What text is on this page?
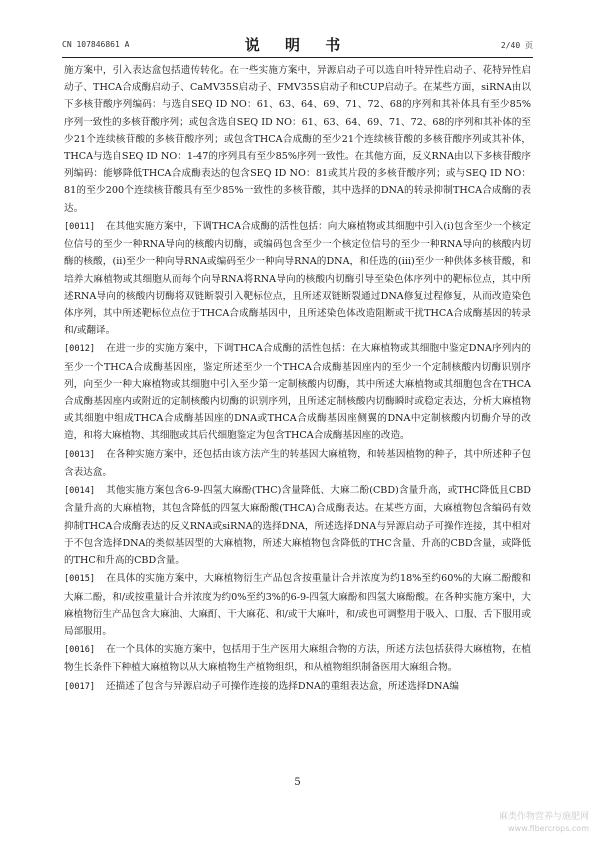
CN 107846861 A	说 明 书	2/40 页

施方案中，引入表达盒包括遗传转化。在一些实施方案中，异源启动子可以选自叶特异性启动子、花特异性启动子、THCA合成酶启动子、CaMV35S启动子、FMV35S启动子和tCUP启动子。在某些方面，siRNA由以下多核苷酸序列编码：与选自SEQ ID NO：61、63、64、69、71、72、68的序列和其补体具有至少85%序列一致性的多核苷酸序列；或包含选自SEQ ID NO：61、63、64、69、71、72、68的序列和其补体的至少21个连续核苷酸的多核苷酸序列；或包含THCA合成酶的至少21个连续核苷酸的多核苷酸序列或其补体，THCA与选自SEQ ID NO：1-47的序列具有至少85%序列一致性。在其他方面，反义RNA由以下多核苷酸序列编码：能够降低THCA合成酶表达的包含SEQ ID NO：81或其片段的多核苷酸序列；或与SEQ ID NO：81的至少200个连续核苷酸具有至少85%一致性的多核苷酸，其中选择的DNA的转录抑制THCA合成酶的表达。

[0011] 在其他实施方案中，下调THCA合成酶的活性包括：向大麻植物或其细胞中引入(i)包含至少一个核定位信号的至少一种RNA导向的核酸内切酶，或编码包含至少一个核定位信号的至少一种RNA导向的核酸内切酶的核酸，(ii)至少一种向导RNA或编码至少一种向导RNA的DNA，和任选的(iii)至少一种供体多核苷酸，和培养大麻植物或其细胞从而每个向导RNA将RNA导向的核酸内切酶引导至染色体序列中的靶标位点，其中所述RNA导向的核酸内切酶将双链断裂引入靶标位点，且所述双链断裂通过DNA修复过程修复，从而改造染色体序列，其中所述靶标位点位于THCA合成酶基因中，且所述染色体改造阻断或干扰THCA合成酶基因的转录和/或翻译。

[0012] 在进一步的实施方案中，下调THCA合成酶的活性包括：在大麻植物或其细胞中鉴定DNA序列内的至少一个THCA合成酶基因座，鉴定所述至少一个THCA合成酶基因座内的至少一个定制核酸内切酶识别序列，向至少一种大麻植物或其细胞中引入至少第一定制核酸内切酶，其中所述大麻植物或其细胞包含在THCA合成酶基因座内或附近的定制核酸内切酶的识别序列，且所述定制核酸内切酶瞬时或稳定表达，分析大麻植物或其细胞中组成THCA合成酶基因座的DNA或THCA合成酶基因座侧翼的DNA中定制核酸内切酶介导的改造，和将大麻植物、其细胞或其后代细胞鉴定为包含THCA合成酶基因座的改造。

[0013] 在各种实施方案中，还包括由该方法产生的转基因大麻植物，和转基因植物的种子，其中所述种子包含表达盒。

[0014] 其他实施方案包含6-9-四氢大麻酚(THC)含量降低、大麻二酚(CBD)含量升高，或THC降低且CBD含量升高的大麻植物，其包含降低的四氢大麻酚酸(THCA)合成酶表达。在某些方面，大麻植物包含编码有效抑制THCA合成酶表达的反义RNA或siRNA的选择DNA，所述选择DNA与异源启动子可操作连接，其中相对于不包含选择DNA的类似基因型的大麻植物，所述大麻植物包含降低的THC含量、升高的CBD含量，或降低的THC和升高的CBD含量。

[0015] 在具体的实施方案中，大麻植物衍生产品包含按重量计合并浓度为约18%至约60%的大麻二酚酸和大麻二酚，和/或按重量计合并浓度为约0%至约3%的6-9-四氢大麻酚和四氢大麻酚酸。在各种实施方案中，大麻植物衍生产品包含大麻油、大麻酊、干大麻花、和/或干大麻叶，和/或也可调整用于吸入、口服、舌下服用或局部服用。

[0016] 在一个具体的实施方案中，包括用于生产医用大麻组合物的方法，所述方法包括获得大麻植物，在植物生长条件下种植大麻植物以从大麻植物生产植物组织，和从植物组织制备医用大麻组合物。

[0017] 还描述了包含与异源启动子可操作连接的选择DNA的重组表达盒，所述选择DNA编

5
麻类作物营养与施肥网
www.fibercrops.com
